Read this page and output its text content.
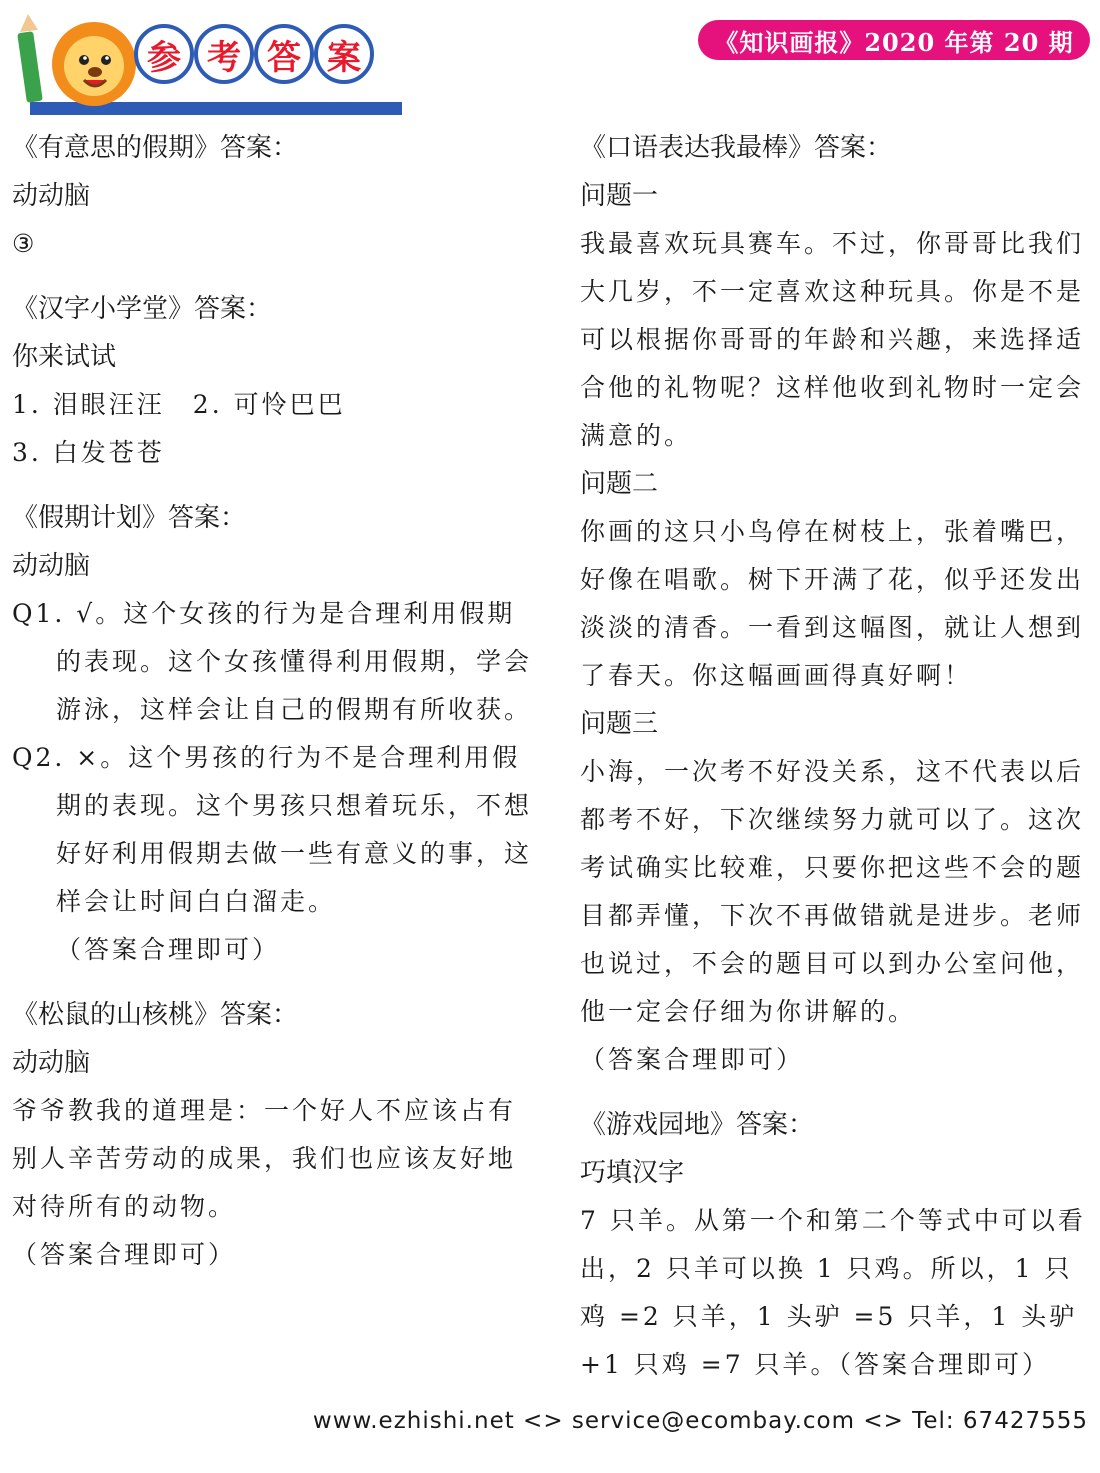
参 考 答 案	《知识画报》2020 年第 20 期
《有意思的假期》答案：
动动脑
③
《汉字小学堂》答案：
你来试试
1. 泪眼汪汪　2. 可怜巴巴
3. 白发苍苍
《假期计划》答案：
动动脑
Q1. √。这个女孩的行为是合理利用假期的表现。这个女孩懂得利用假期，学会游泳，这样会让自己的假期有所收获。
Q2. ×。这个男孩的行为不是合理利用假期的表现。这个男孩只想着玩乐，不想好好利用假期去做一些有意义的事，这样会让时间白白溜走。
（答案合理即可）
《松鼠的山核桃》答案：
动动脑
爷爷教我的道理是：一个好人不应该占有别人辛苦劳动的成果，我们也应该友好地对待所有的动物。
（答案合理即可）
《口语表达我最棒》答案：
问题一
我最喜欢玩具赛车。不过，你哥哥比我们大几岁，不一定喜欢这种玩具。你是不是可以根据你哥哥的年龄和兴趣，来选择适合他的礼物呢？这样他收到礼物时一定会满意的。
问题二
你画的这只小鸟停在树枝上，张着嘴巴，好像在唱歌。树下开满了花，似乎还发出淡淡的清香。一看到这幅图，就让人想到了春天。你这幅画画得真好啊！
问题三
小海，一次考不好没关系，这不代表以后都考不好，下次继续努力就可以了。这次考试确实比较难，只要你把这些不会的题目都弄懂，下次不再做错就是进步。老师也说过，不会的题目可以到办公室问他，他一定会仔细为你讲解的。
（答案合理即可）
《游戏园地》答案：
巧填汉字
7 只羊。从第一个和第二个等式中可以看出，2 只羊可以换 1 只鸡。所以，1 只鸡 =2 只羊，1 头驴 =5 只羊，1 头驴 +1 只鸡 =7 只羊。（答案合理即可）
www.ezhishi.net <> service@ecombay.com <> Tel: 67427555
